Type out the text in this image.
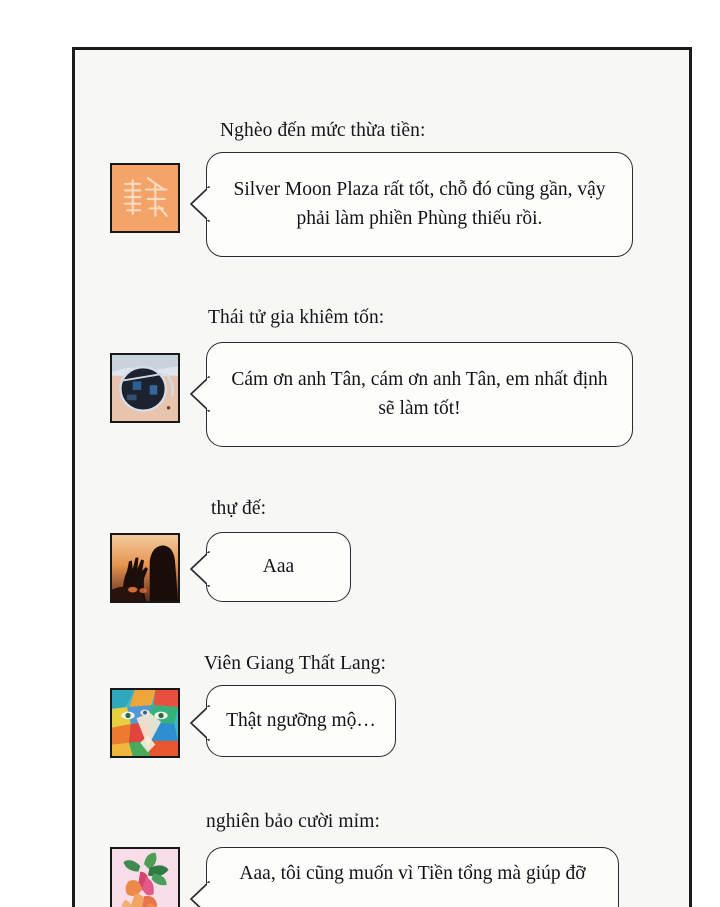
Nghèo đến mức thừa tiền:
Silver Moon Plaza rất tốt, chỗ đó cũng gần, vậy phải làm phiền Phùng thiếu rồi.
Thái tử gia khiêm tốn:
Cám ơn anh Tân, cám ơn anh Tân, em nhất định sẽ làm tốt!
thự đế:
Aaa
Viên Giang Thất Lang:
Thật ngưỡng mộ…
nghiên bảo cười mỉm:
Aaa, tôi cũng muốn vì Tiền tổng mà giúp đỡ
